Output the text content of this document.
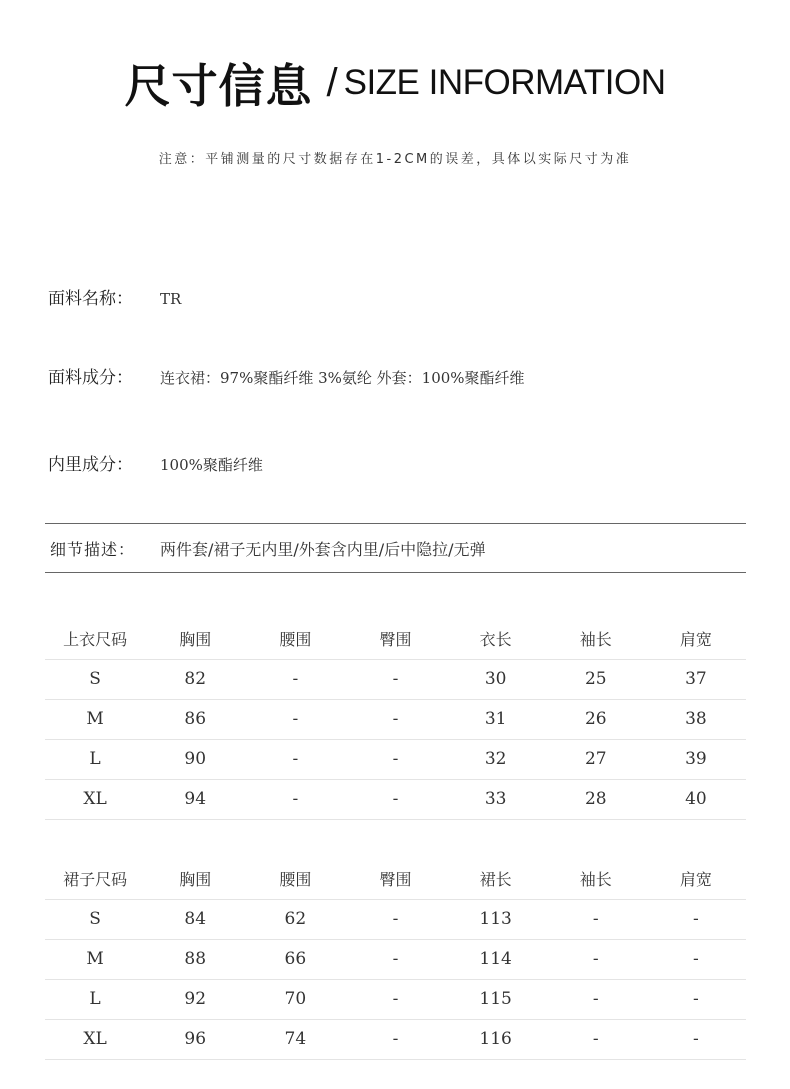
尺寸信息 / SIZE INFORMATION
注意：平铺测量的尺寸数据存在1-2CM的误差，具体以实际尺寸为准
面料名称：	TR
面料成分：	连衣裙：97%聚酯纤维 3%氨纶 外套：100%聚酯纤维
内里成分：	100%聚酯纤维
细节描述：	两件套/裙子无内里/外套含内里/后中隐拉/无弹
上衣尺码	胸围	腰围	臀围	衣长	袖长	肩宽
S	82	-	-	30	25	37
M	86	-	-	31	26	38
L	90	-	-	32	27	39
XL	94	-	-	33	28	40
裙子尺码	胸围	腰围	臀围	裙长	袖长	肩宽
S	84	62	-	113	-	-
M	88	66	-	114	-	-
L	92	70	-	115	-	-
XL	96	74	-	116	-	-
